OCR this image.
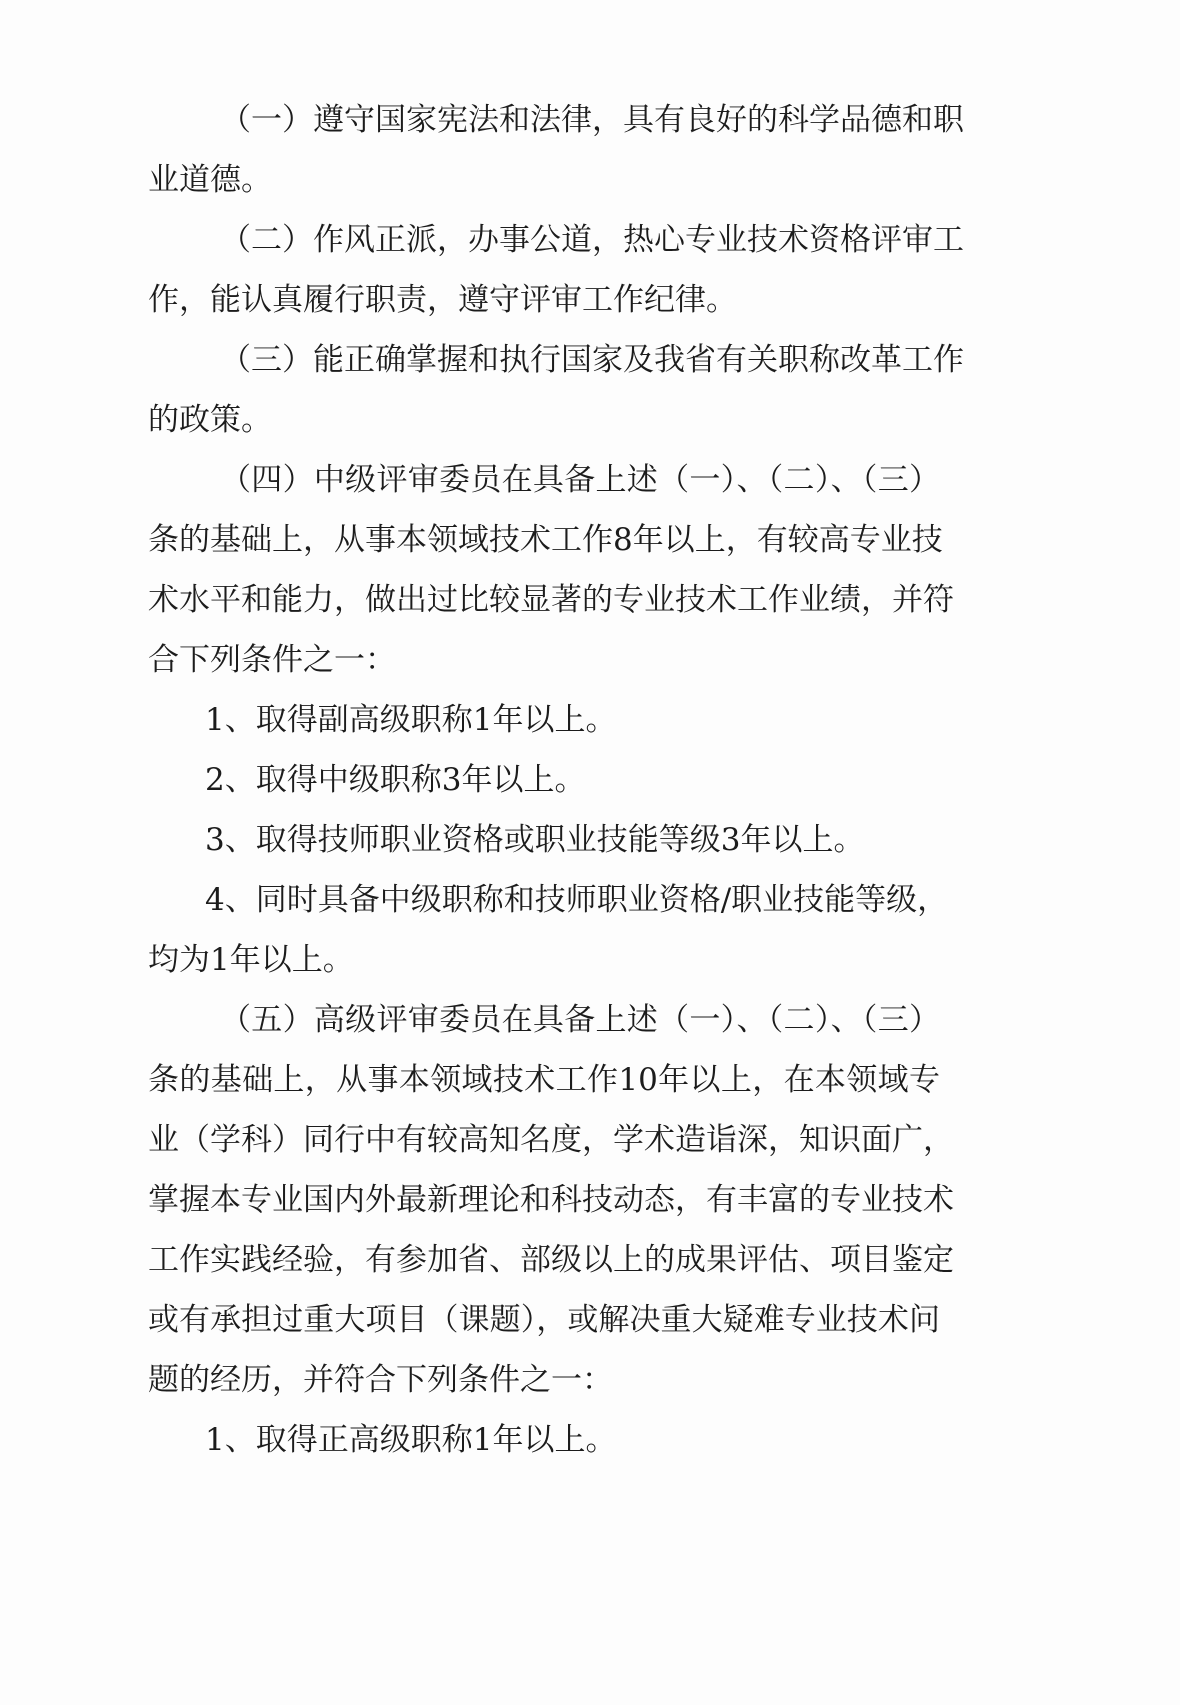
（一）遵守国家宪法和法律，具有良好的科学品德和职
业道德。
（二）作风正派，办事公道，热心专业技术资格评审工
作，能认真履行职责，遵守评审工作纪律。
（三）能正确掌握和执行国家及我省有关职称改革工作
的政策。
（四）中级评审委员在具备上述（一）、（二）、（三）
条的基础上，从事本领域技术工作8年以上，有较高专业技
术水平和能力，做出过比较显著的专业技术工作业绩，并符
合下列条件之一：
1、取得副高级职称1年以上。
2、取得中级职称3年以上。
3、取得技师职业资格或职业技能等级3年以上。
4、同时具备中级职称和技师职业资格/职业技能等级，
均为1年以上。
（五）高级评审委员在具备上述（一）、（二）、（三）
条的基础上，从事本领域技术工作10年以上，在本领域专
业（学科）同行中有较高知名度，学术造诣深，知识面广，
掌握本专业国内外最新理论和科技动态，有丰富的专业技术
工作实践经验，有参加省、部级以上的成果评估、项目鉴定
或有承担过重大项目（课题），或解决重大疑难专业技术问
题的经历，并符合下列条件之一：
1、取得正高级职称1年以上。
